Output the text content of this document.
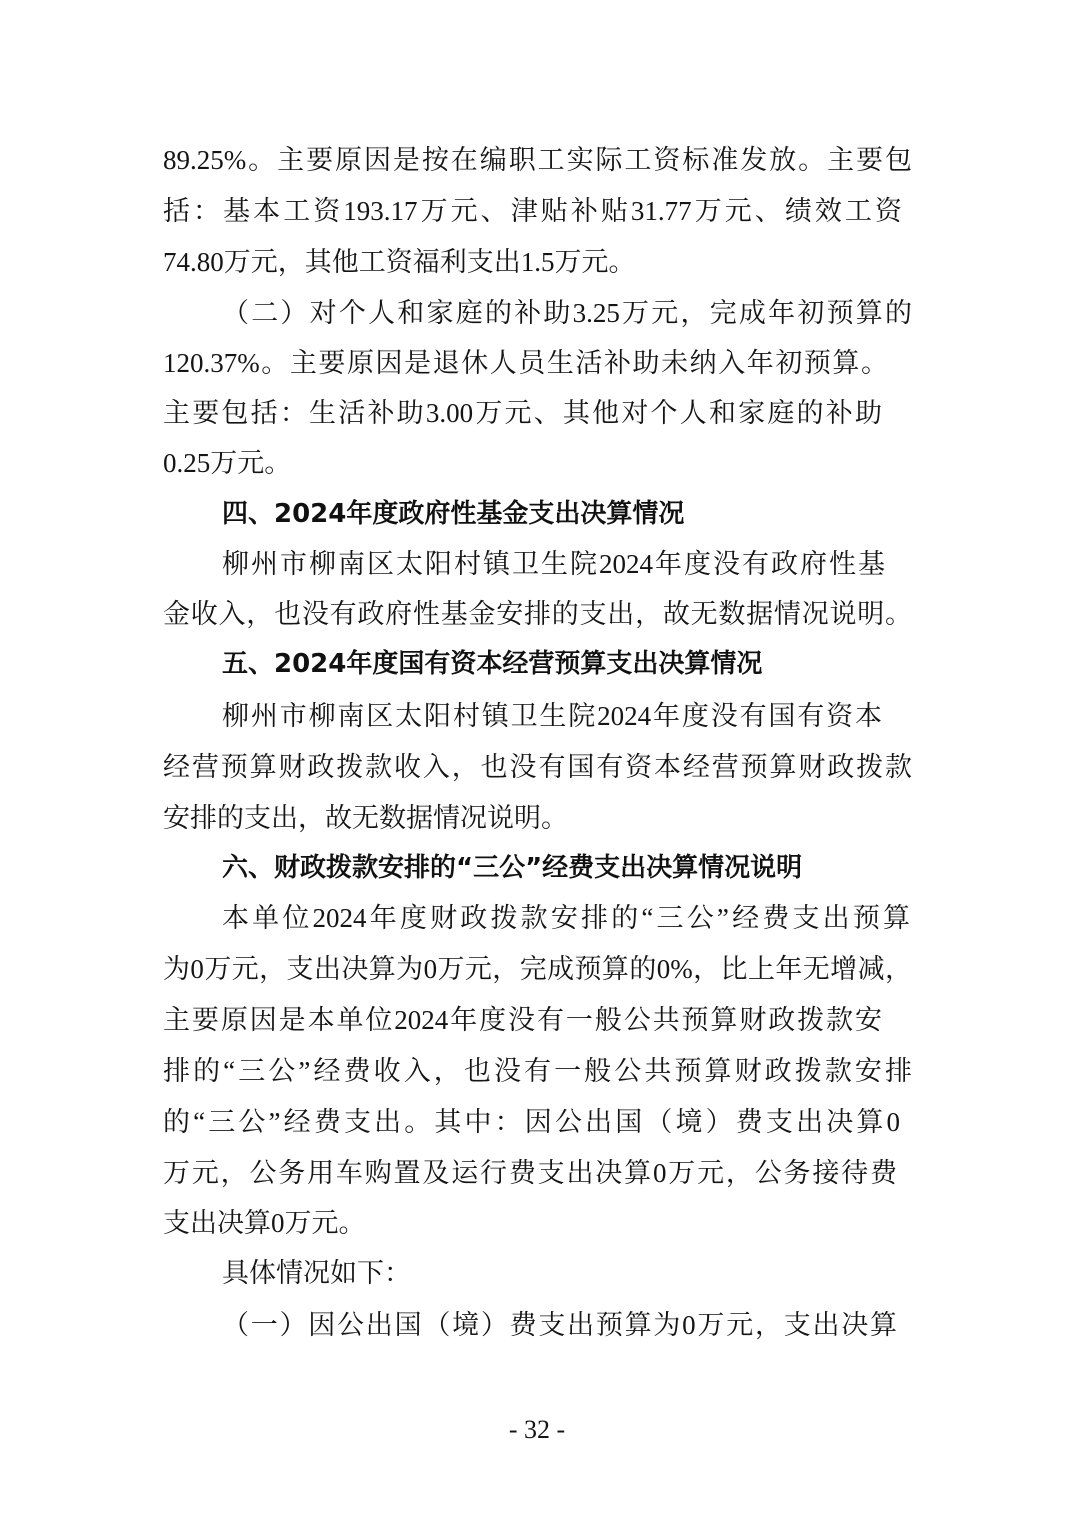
89.25%。主要原因是按在编职工实际工资标准发放。主要包
括：基本工资193.17万元、津贴补贴31.77万元、绩效工资
74.80万元，其他工资福利支出1.5万元。
（二）对个人和家庭的补助3.25万元，完成年初预算的
120.37%。主要原因是退休人员生活补助未纳入年初预算。
主要包括：生活补助3.00万元、其他对个人和家庭的补助
0.25万元。
四、2024年度政府性基金支出决算情况
柳州市柳南区太阳村镇卫生院2024年度没有政府性基
金收入，也没有政府性基金安排的支出，故无数据情况说明。
五、2024年度国有资本经营预算支出决算情况
柳州市柳南区太阳村镇卫生院2024年度没有国有资本
经营预算财政拨款收入，也没有国有资本经营预算财政拨款
安排的支出，故无数据情况说明。
六、财政拨款安排的“三公”经费支出决算情况说明
本单位2024年度财政拨款安排的“三公”经费支出预算
为0万元，支出决算为0万元，完成预算的0%，比上年无增减，
主要原因是本单位2024年度没有一般公共预算财政拨款安
排的“三公”经费收入，也没有一般公共预算财政拨款安排
的“三公”经费支出。其中：因公出国（境）费支出决算0
万元，公务用车购置及运行费支出决算0万元，公务接待费
支出决算0万元。
具体情况如下：
（一）因公出国（境）费支出预算为0万元，支出决算
- 32 -
